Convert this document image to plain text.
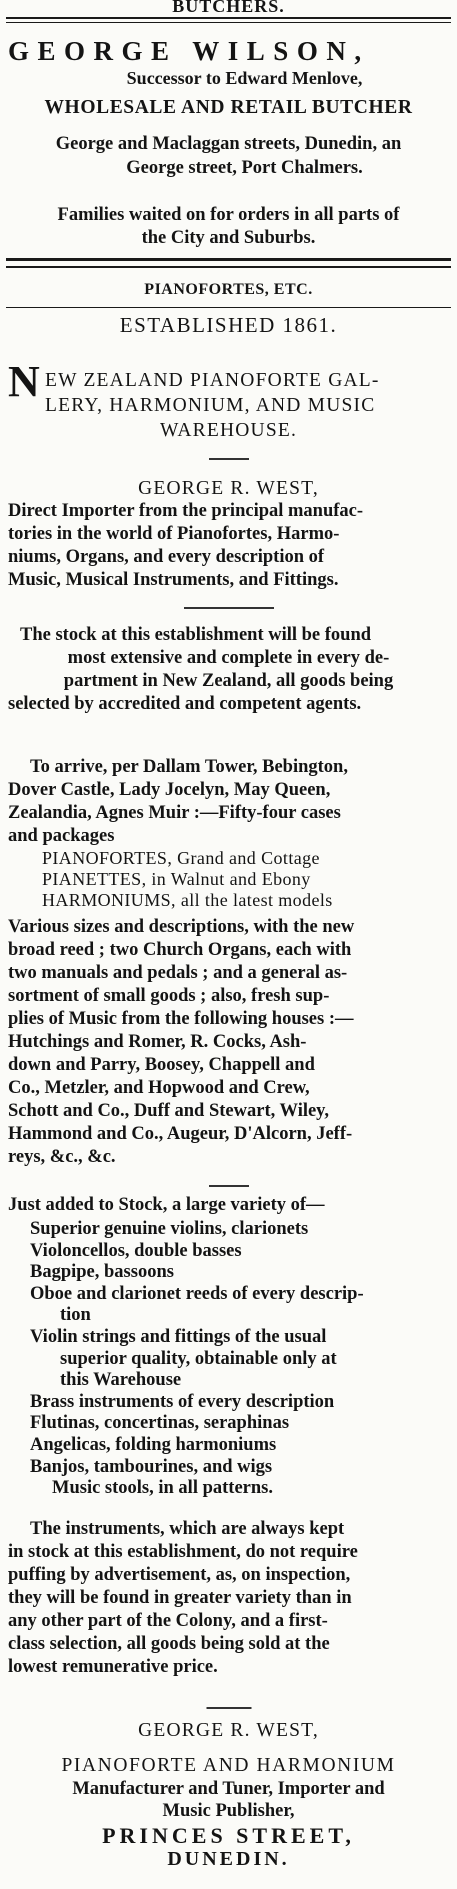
BUTCHERS.
GEORGE WILSON,
Successor to Edward Menlove,
WHOLESALE AND RETAIL BUTCHER
George and Maclaggan streets, Dunedin, an
George street, Port Chalmers.
Families waited on for orders in all parts of
the City and Suburbs.
PIANOFORTES, ETC.
ESTABLISHED 1861.
N EW ZEALAND PIANOFORTE GAL-
LERY, HARMONIUM, AND MUSIC
WAREHOUSE.
GEORGE R. WEST,
Direct Importer from the principal manufac-
tories in the world of Pianofortes, Harmo-
niums, Organs, and every description of
Music, Musical Instruments, and Fittings.
The stock at this establishment will be found
most extensive and complete in every de-
partment in New Zealand, all goods being
selected by accredited and competent agents.
To arrive, per Dallam Tower, Bebington,
Dover Castle, Lady Jocelyn, May Queen,
Zealandia, Agnes Muir :—Fifty-four cases
and packages
PIANOFORTES, Grand and Cottage
PIANETTES, in Walnut and Ebony
HARMONIUMS, all the latest models
Various sizes and descriptions, with the new
broad reed ; two Church Organs, each with
two manuals and pedals ; and a general as-
sortment of small goods ; also, fresh sup-
plies of Music from the following houses :—
Hutchings and Romer, R. Cocks, Ash-
down and Parry, Boosey, Chappell and
Co., Metzler, and Hopwood and Crew,
Schott and Co., Duff and Stewart, Wiley,
Hammond and Co., Augeur, D'Alcorn, Jeff-
reys, &c., &c.
Just added to Stock, a large variety of—
Superior genuine violins, clarionets
Violoncellos, double basses
Bagpipe, bassoons
Oboe and clarionet reeds of every descrip-
tion
Violin strings and fittings of the usual
superior quality, obtainable only at
this Warehouse
Brass instruments of every description
Flutinas, concertinas, seraphinas
Angelicas, folding harmoniums
Banjos, tambourines, and wigs
Music stools, in all patterns.
The instruments, which are always kept
in stock at this establishment, do not require
puffing by advertisement, as, on inspection,
they will be found in greater variety than in
any other part of the Colony, and a first-
class selection, all goods being sold at the
lowest remunerative price.
GEORGE R. WEST,
PIANOFORTE AND HARMONIUM
Manufacturer and Tuner, Importer and
Music Publisher,
PRINCES STREET,
DUNEDIN.
